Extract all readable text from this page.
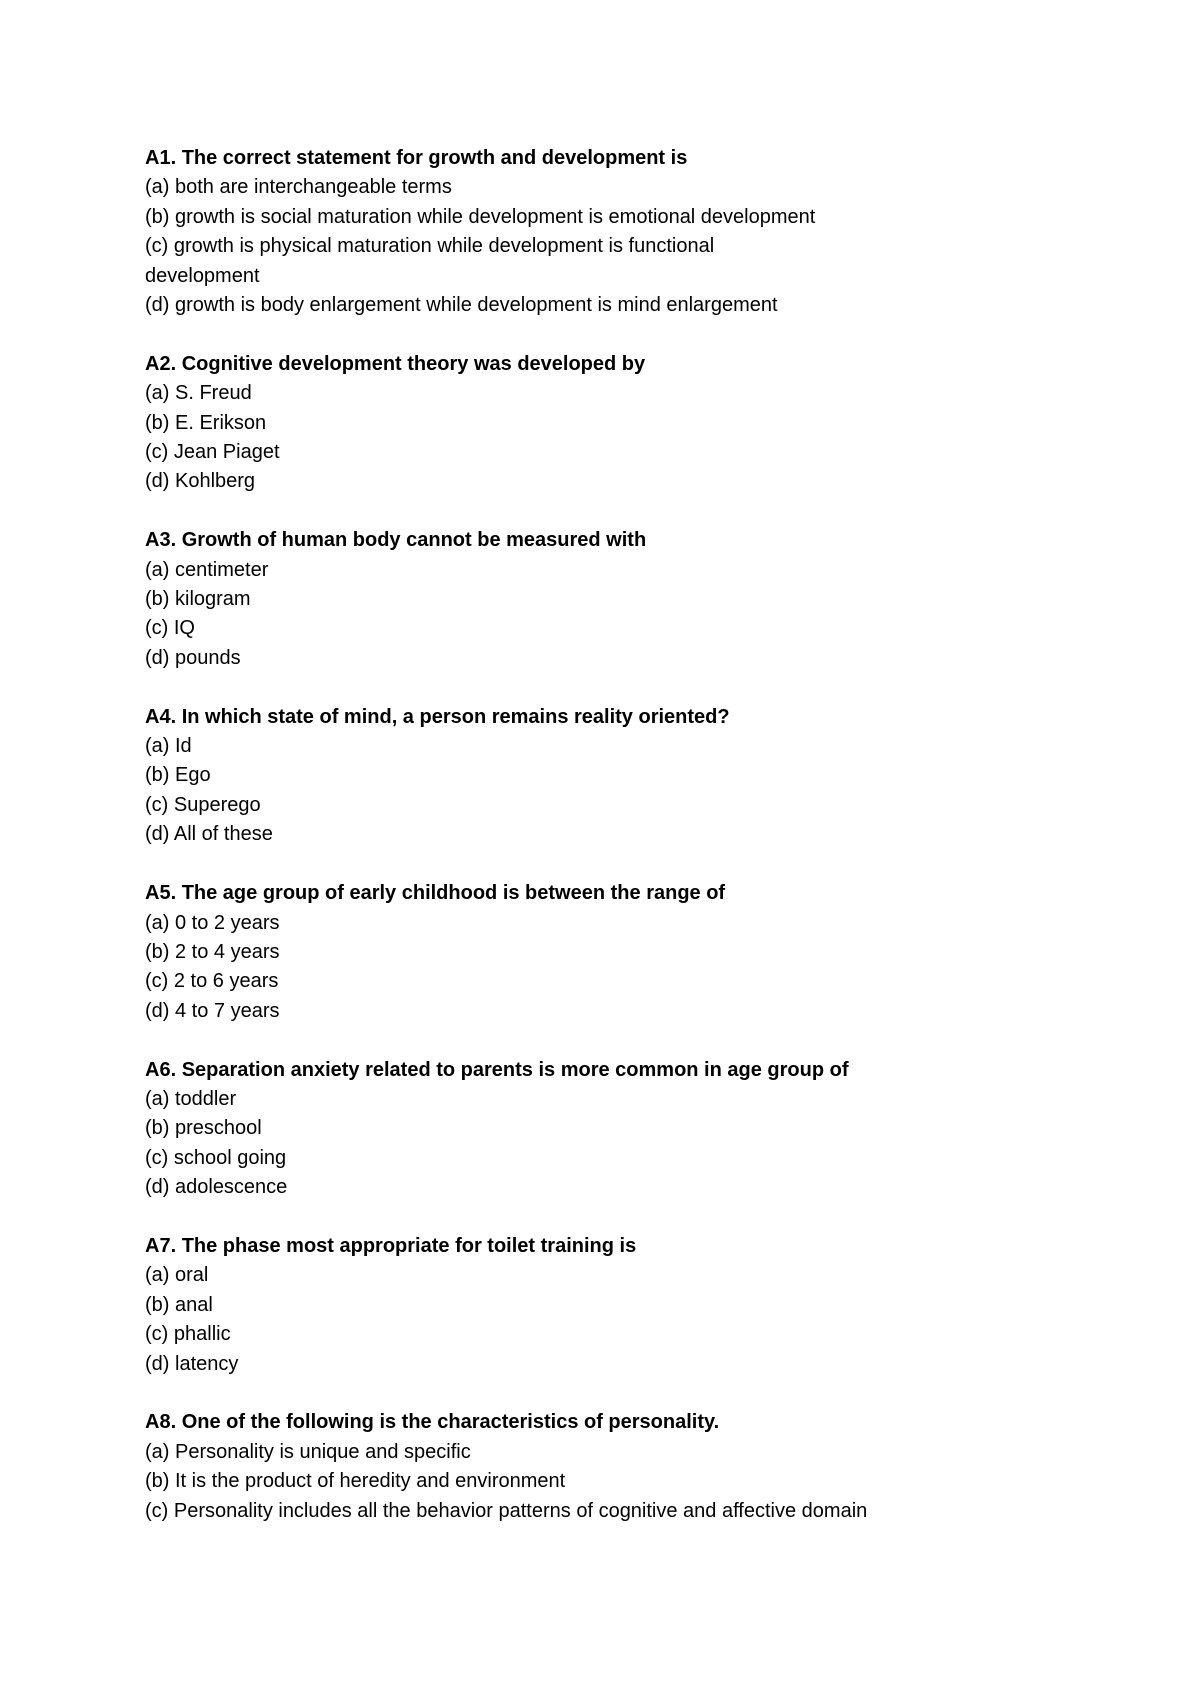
A1. The correct statement for growth and development is
(a) both are interchangeable terms
(b) growth is social maturation while development is emotional development
(c) growth is physical maturation while development is functional development
(d) growth is body enlargement while development is mind enlargement
A2. Cognitive development theory was developed by
(a) S. Freud
(b) E. Erikson
(c) Jean Piaget
(d) Kohlberg
A3. Growth of human body cannot be measured with
(a) centimeter
(b) kilogram
(c) IQ
(d) pounds
A4. In which state of mind, a person remains reality oriented?
(a) Id
(b) Ego
(c) Superego
(d) All of these
A5. The age group of early childhood is between the range of
(a) 0 to 2 years
(b) 2 to 4 years
(c) 2 to 6 years
(d) 4 to 7 years
A6. Separation anxiety related to parents is more common in age group of
(a) toddler
(b) preschool
(c) school going
(d) adolescence
A7. The phase most appropriate for toilet training is
(a) oral
(b) anal
(c) phallic
(d) latency
A8. One of the following is the characteristics of personality.
(a) Personality is unique and specific
(b) It is the product of heredity and environment
(c) Personality includes all the behavior patterns of cognitive and affective domain
